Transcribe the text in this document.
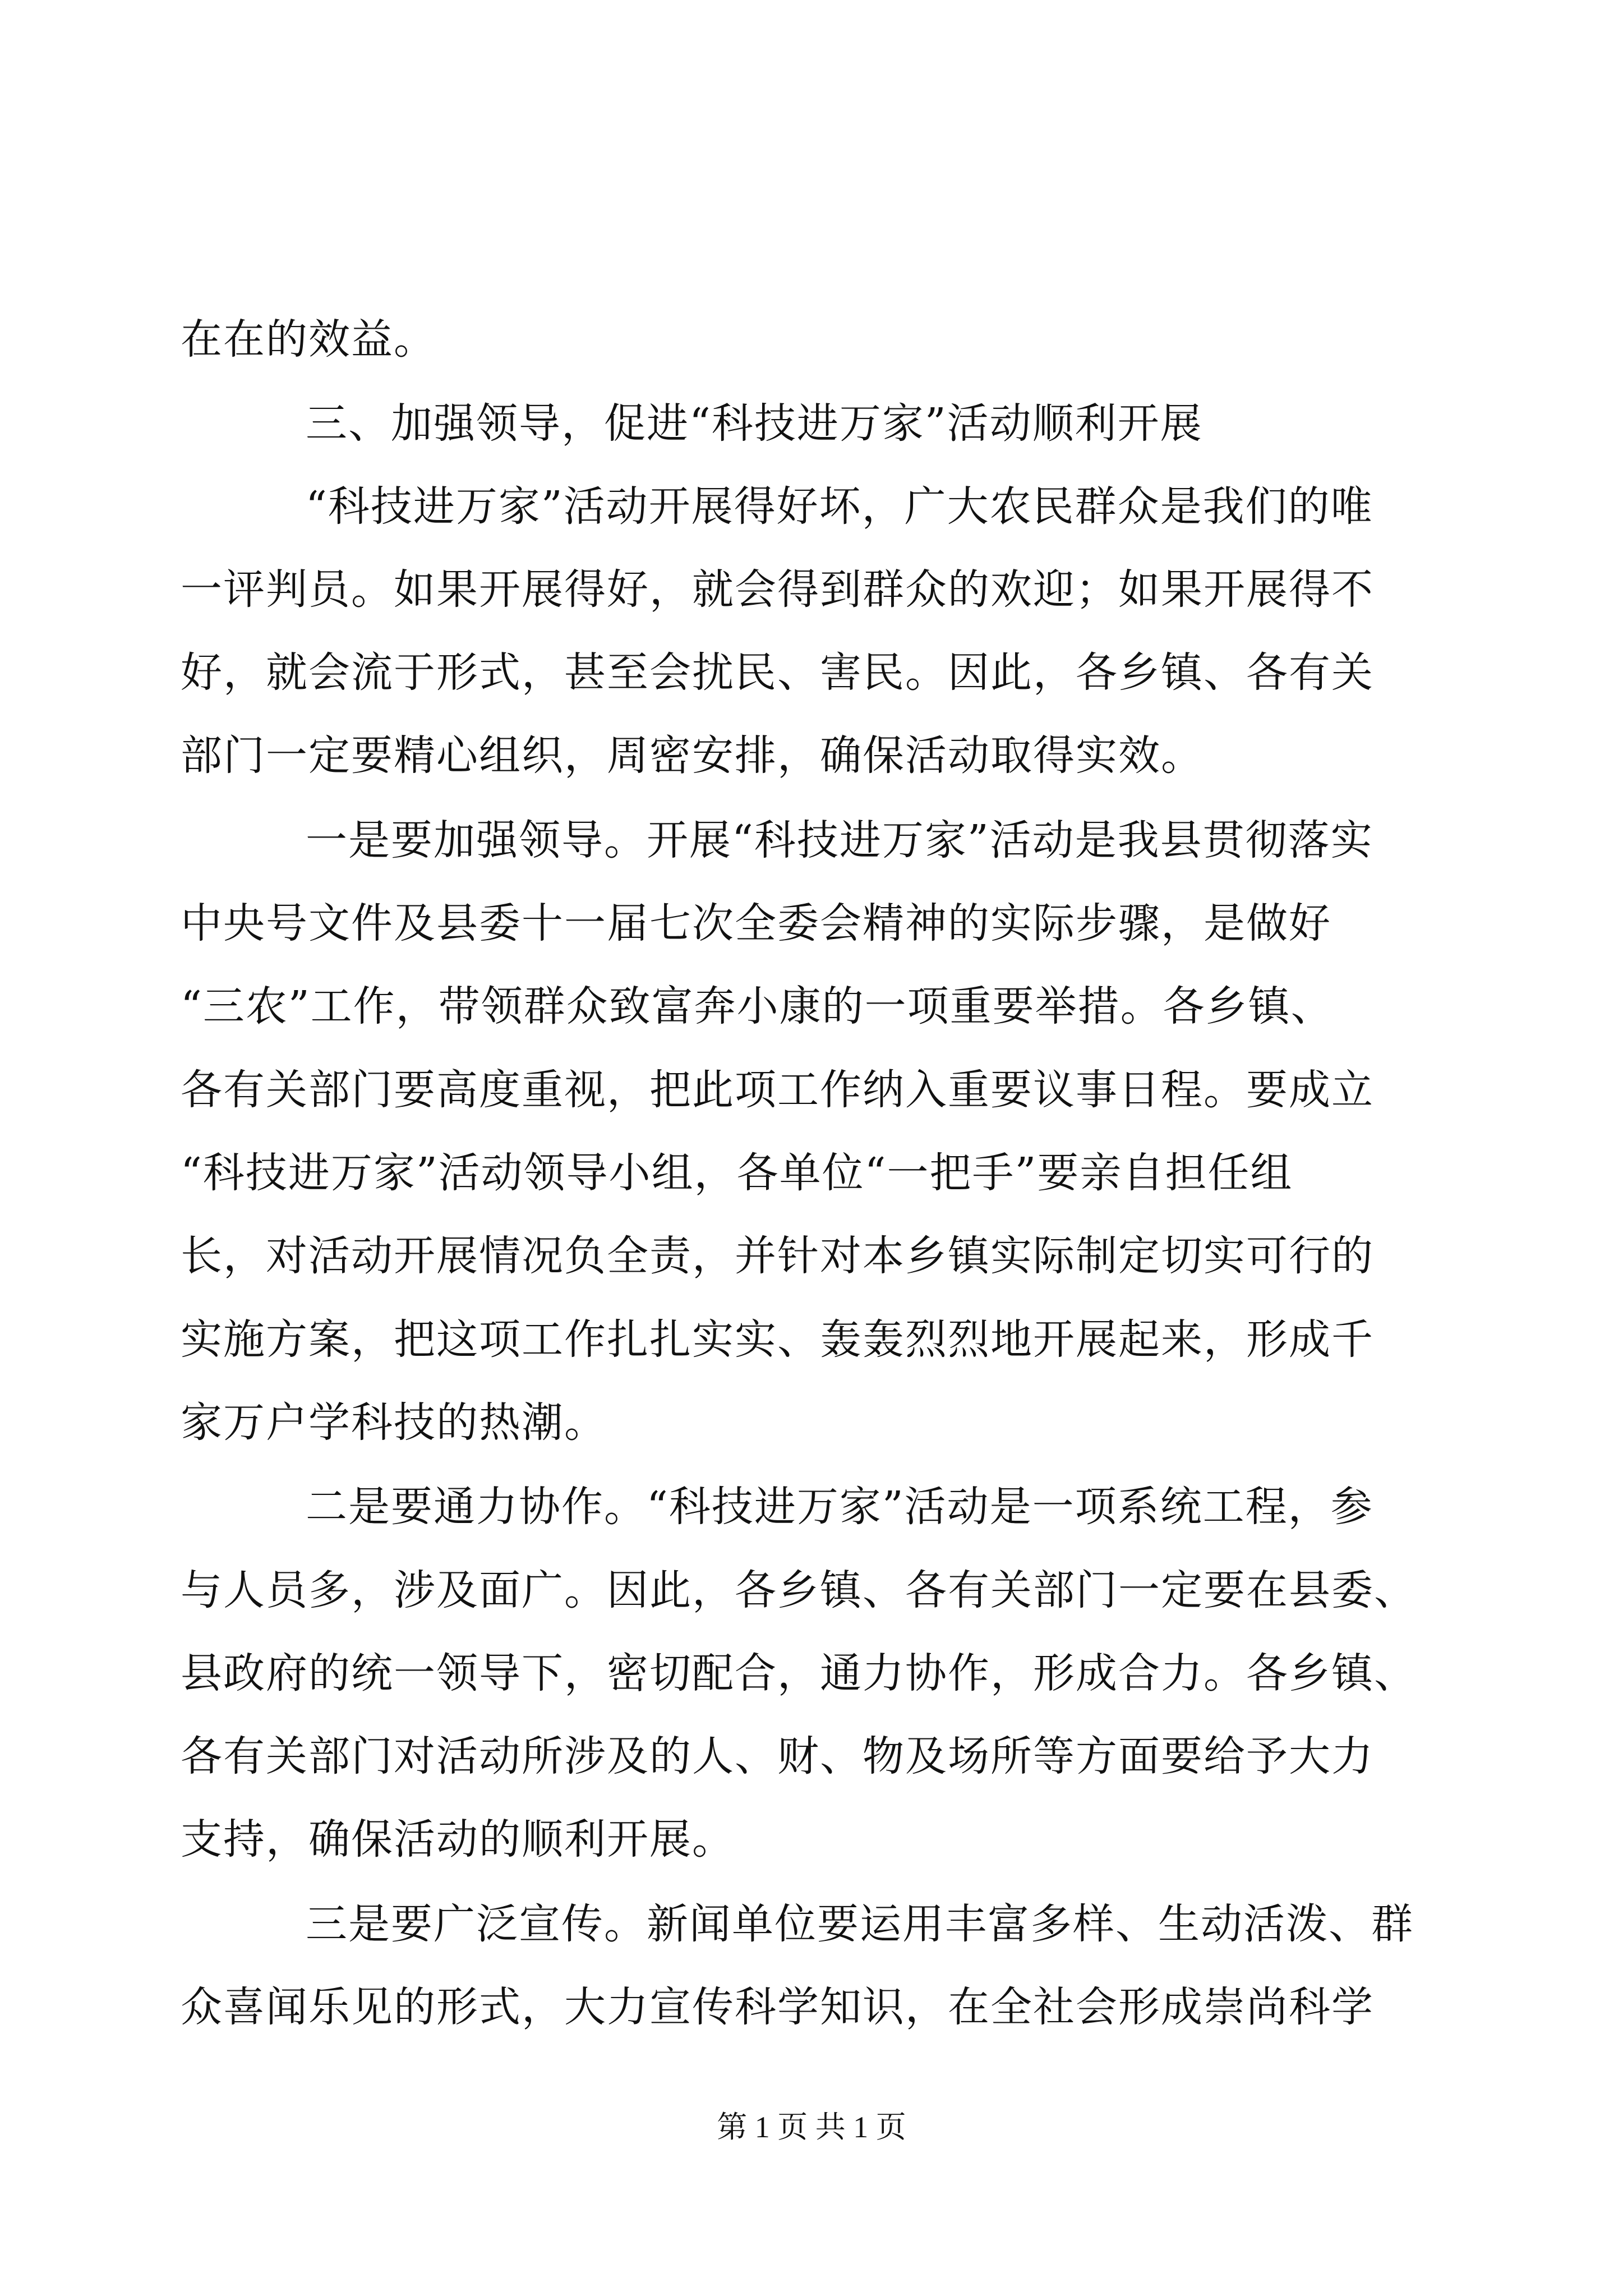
在在的效益。
三、加强领导，促进“科技进万家”活动顺利开展
“科技进万家”活动开展得好坏，广大农民群众是我们的唯
一评判员。如果开展得好，就会得到群众的欢迎；如果开展得不
好，就会流于形式，甚至会扰民、害民。因此，各乡镇、各有关
部门一定要精心组织，周密安排，确保活动取得实效。
一是要加强领导。开展“科技进万家”活动是我县贯彻落实
中央号文件及县委十一届七次全委会精神的实际步骤，是做好
“三农”工作，带领群众致富奔小康的一项重要举措。各乡镇、
各有关部门要高度重视，把此项工作纳入重要议事日程。要成立
“科技进万家”活动领导小组，各单位“一把手”要亲自担任组
长，对活动开展情况负全责，并针对本乡镇实际制定切实可行的
实施方案，把这项工作扎扎实实、轰轰烈烈地开展起来，形成千
家万户学科技的热潮。
二是要通力协作。“科技进万家”活动是一项系统工程，参
与人员多，涉及面广。因此，各乡镇、各有关部门一定要在县委、
县政府的统一领导下，密切配合，通力协作，形成合力。各乡镇、
各有关部门对活动所涉及的人、财、物及场所等方面要给予大力
支持，确保活动的顺利开展。
三是要广泛宣传。新闻单位要运用丰富多样、生动活泼、群
众喜闻乐见的形式，大力宣传科学知识，在全社会形成崇尚科学
第 1 页 共 1 页
